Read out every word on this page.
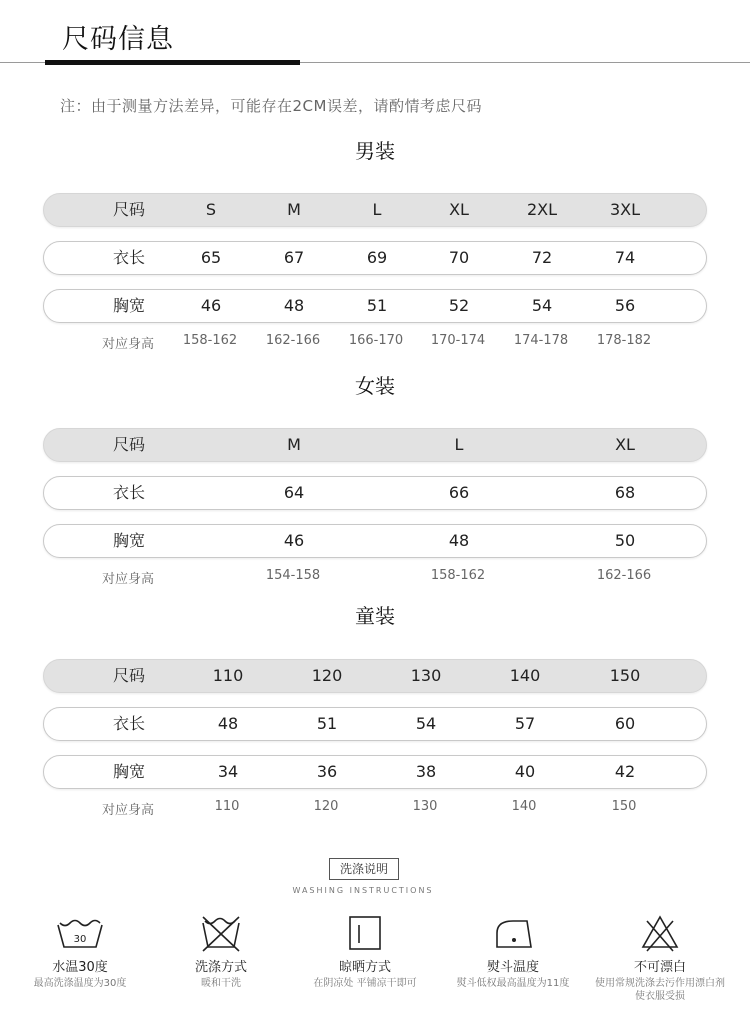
尺码信息
注：由于测量方法差异，可能存在2CM误差，请酌情考虑尺码
男装
尺码	S	M	L	XL	2XL	3XL
衣长	65	67	69	70	72	74
胸宽	46	48	51	52	54	56
对应身高	158-162	162-166	166-170	170-174	174-178	178-182
女装
尺码	M	L	XL
衣长	64	66	68
胸宽	46	48	50
对应身高	154-158	158-162	162-166
童装
尺码	110	120	130	140	150
衣长	48	51	54	57	60
胸宽	34	36	38	40	42
对应身高	110	120	130	140	150
洗涤说明
WASHING INSTRUCTIONS
30
水温30度
最高洗涤温度为30度
洗涤方式
暖和干洗
晾晒方式
在阴凉处 平铺凉干即可
熨斗温度
熨斗低权最高温度为11度
不可漂白
使用常规洗涤去污作用漂白剂使衣服受损
